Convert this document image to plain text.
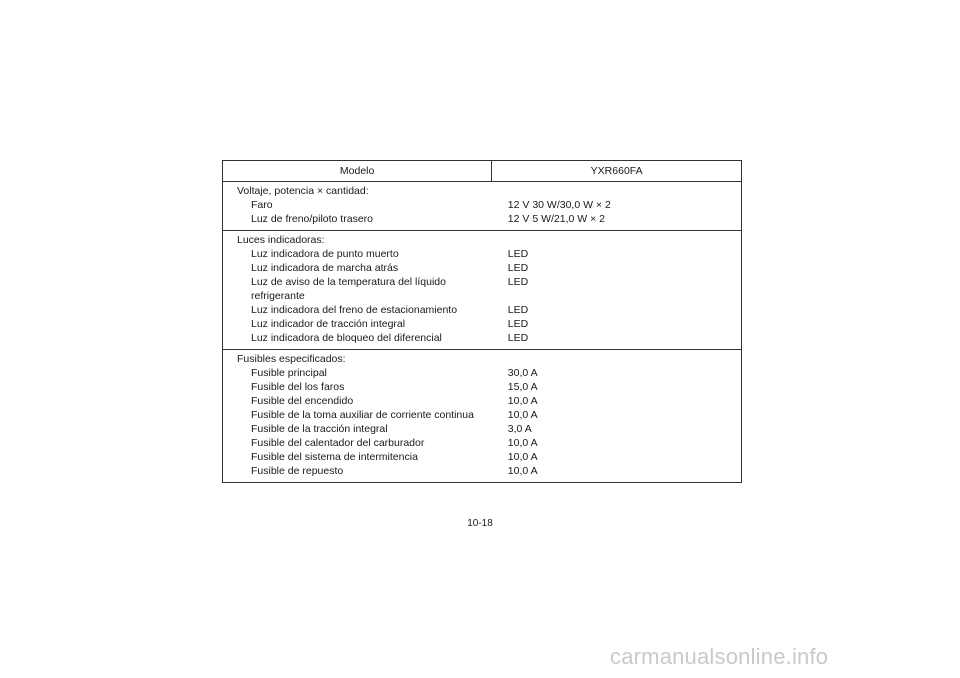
Modelo	YXR660FA
Voltaje, potencia × cantidad:	
Faro	12 V 30 W/30,0 W × 2
Luz de freno/piloto trasero	12 V 5 W/21,0 W × 2
Luces indicadoras:	
Luz indicadora de punto muerto	LED
Luz indicadora de marcha atrás	LED
Luz de aviso de la temperatura del líquido refrigerante	LED
Luz indicadora del freno de estacionamiento	LED
Luz indicador de tracción integral	LED
Luz indicadora de bloqueo del diferencial	LED
Fusibles especificados:	
Fusible principal	30,0 A
Fusible del los faros	15,0 A
Fusible del encendido	10,0 A
Fusible de la toma auxiliar de corriente continua	10,0 A
Fusible de la tracción integral	3,0 A
Fusible del calentador del carburador	10,0 A
Fusible del sistema de intermitencia	10,0 A
Fusible de repuesto	10,0 A
10-18
carmanualsonline.info
